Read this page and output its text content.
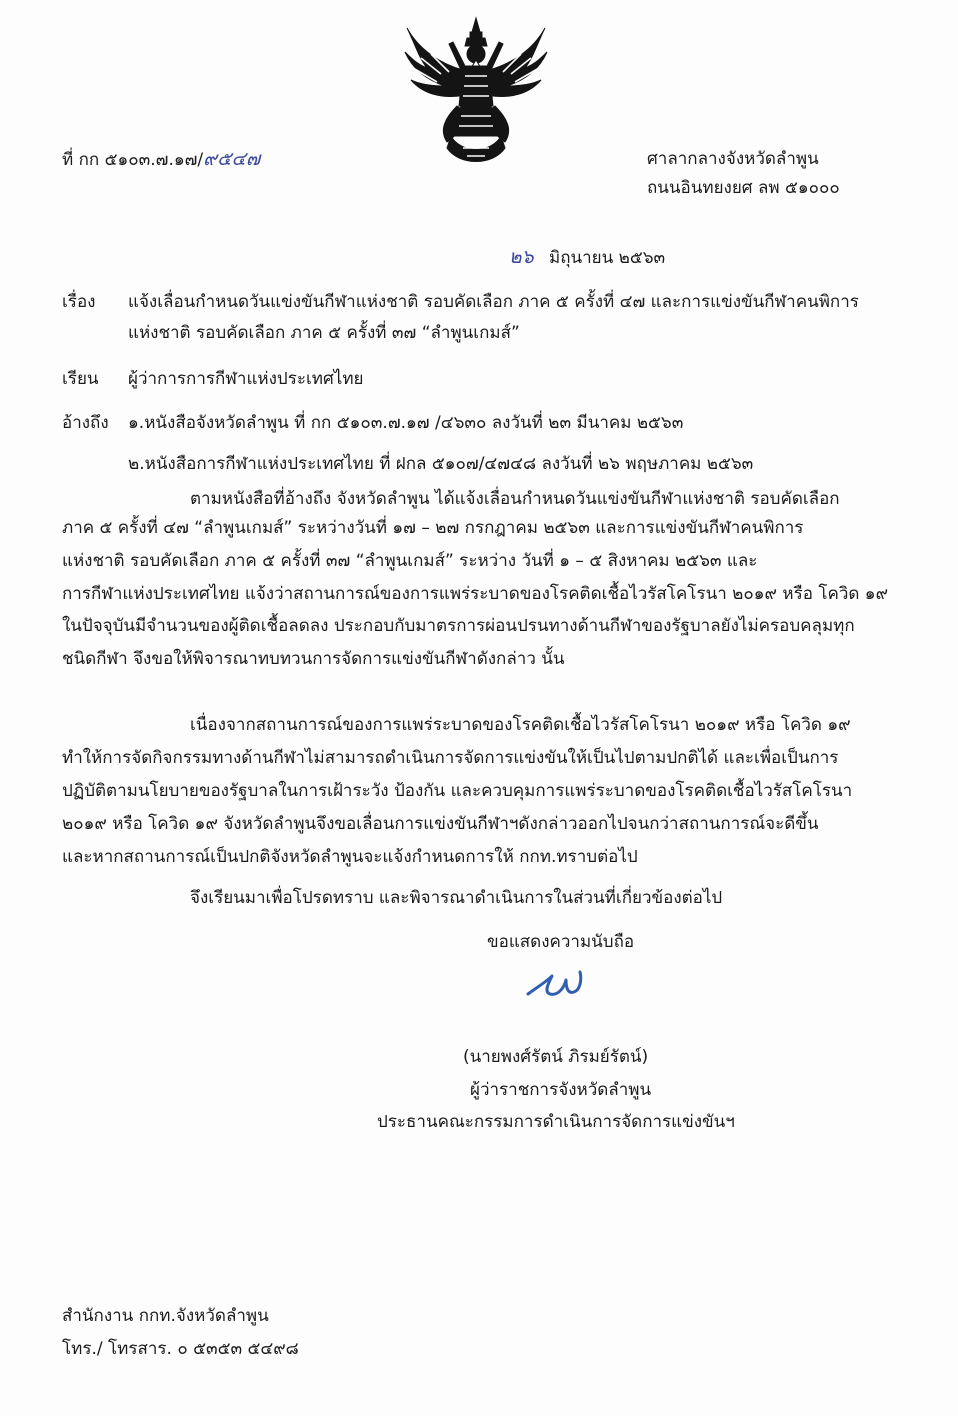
ที่ กก ๕๑๐๓.๗.๑๗/๙๕๔๗	ศาลากลางจังหวัดลำพูน
ถนนอินทยงยศ ลพ ๕๑๐๐๐
๒๖ มิถุนายน ๒๕๖๓
เรื่อง แจ้งเลื่อนกำหนดวันแข่งขันกีฬาแห่งชาติ รอบคัดเลือก ภาค ๕ ครั้งที่ ๔๗ และการแข่งขันกีฬาคนพิการ
แห่งชาติ รอบคัดเลือก ภาค ๕ ครั้งที่ ๓๗ “ลำพูนเกมส์”
เรียน ผู้ว่าการการกีฬาแห่งประเทศไทย
อ้างถึง ๑.หนังสือจังหวัดลำพูน ที่ กก ๕๑๐๓.๗.๑๗ /๔๖๓๐ ลงวันที่ ๒๓ มีนาคม ๒๕๖๓
๒.หนังสือการกีฬาแห่งประเทศไทย ที่ ฝกล ๕๑๐๗/๔๗๔๘ ลงวันที่ ๒๖ พฤษภาคม ๒๕๖๓
ตามหนังสือที่อ้างถึง จังหวัดลำพูน ได้แจ้งเลื่อนกำหนดวันแข่งขันกีฬาแห่งชาติ รอบคัดเลือก
ภาค ๕ ครั้งที่ ๔๗ “ลำพูนเกมส์” ระหว่างวันที่ ๑๗ – ๒๗ กรกฎาคม ๒๕๖๓ และการแข่งขันกีฬาคนพิการ
แห่งชาติ รอบคัดเลือก ภาค ๕ ครั้งที่ ๓๗ “ลำพูนเกมส์” ระหว่าง วันที่ ๑ – ๕ สิงหาคม ๒๕๖๓ และ
การกีฬาแห่งประเทศไทย แจ้งว่าสถานการณ์ของการแพร่ระบาดของโรคติดเชื้อไวรัสโคโรนา ๒๐๑๙ หรือ โควิด ๑๙
ในปัจจุบันมีจำนวนของผู้ติดเชื้อลดลง ประกอบกับมาตรการผ่อนปรนทางด้านกีฬาของรัฐบาลยังไม่ครอบคลุมทุก
ชนิดกีฬา จึงขอให้พิจารณาทบทวนการจัดการแข่งขันกีฬาดังกล่าว นั้น
เนื่องจากสถานการณ์ของการแพร่ระบาดของโรคติดเชื้อไวรัสโคโรนา ๒๐๑๙ หรือ โควิด ๑๙
ทำให้การจัดกิจกรรมทางด้านกีฬาไม่สามารถดำเนินการจัดการแข่งขันให้เป็นไปตามปกติได้ และเพื่อเป็นการ
ปฏิบัติตามนโยบายของรัฐบาลในการเฝ้าระวัง ป้องกัน และควบคุมการแพร่ระบาดของโรคติดเชื้อไวรัสโคโรนา
๒๐๑๙ หรือ โควิด ๑๙ จังหวัดลำพูนจึงขอเลื่อนการแข่งขันกีฬาฯดังกล่าวออกไปจนกว่าสถานการณ์จะดีขึ้น
และหากสถานการณ์เป็นปกติจังหวัดลำพูนจะแจ้งกำหนดการให้ กกท.ทราบต่อไป
จึงเรียนมาเพื่อโปรดทราบ และพิจารณาดำเนินการในส่วนที่เกี่ยวข้องต่อไป
ขอแสดงความนับถือ
(นายพงศ์รัตน์ ภิรมย์รัตน์)
ผู้ว่าราชการจังหวัดลำพูน
ประธานคณะกรรมการดำเนินการจัดการแข่งขันฯ
สำนักงาน กกท.จังหวัดลำพูน
โทร./ โทรสาร. ๐ ๕๓๕๓ ๕๔๙๘
